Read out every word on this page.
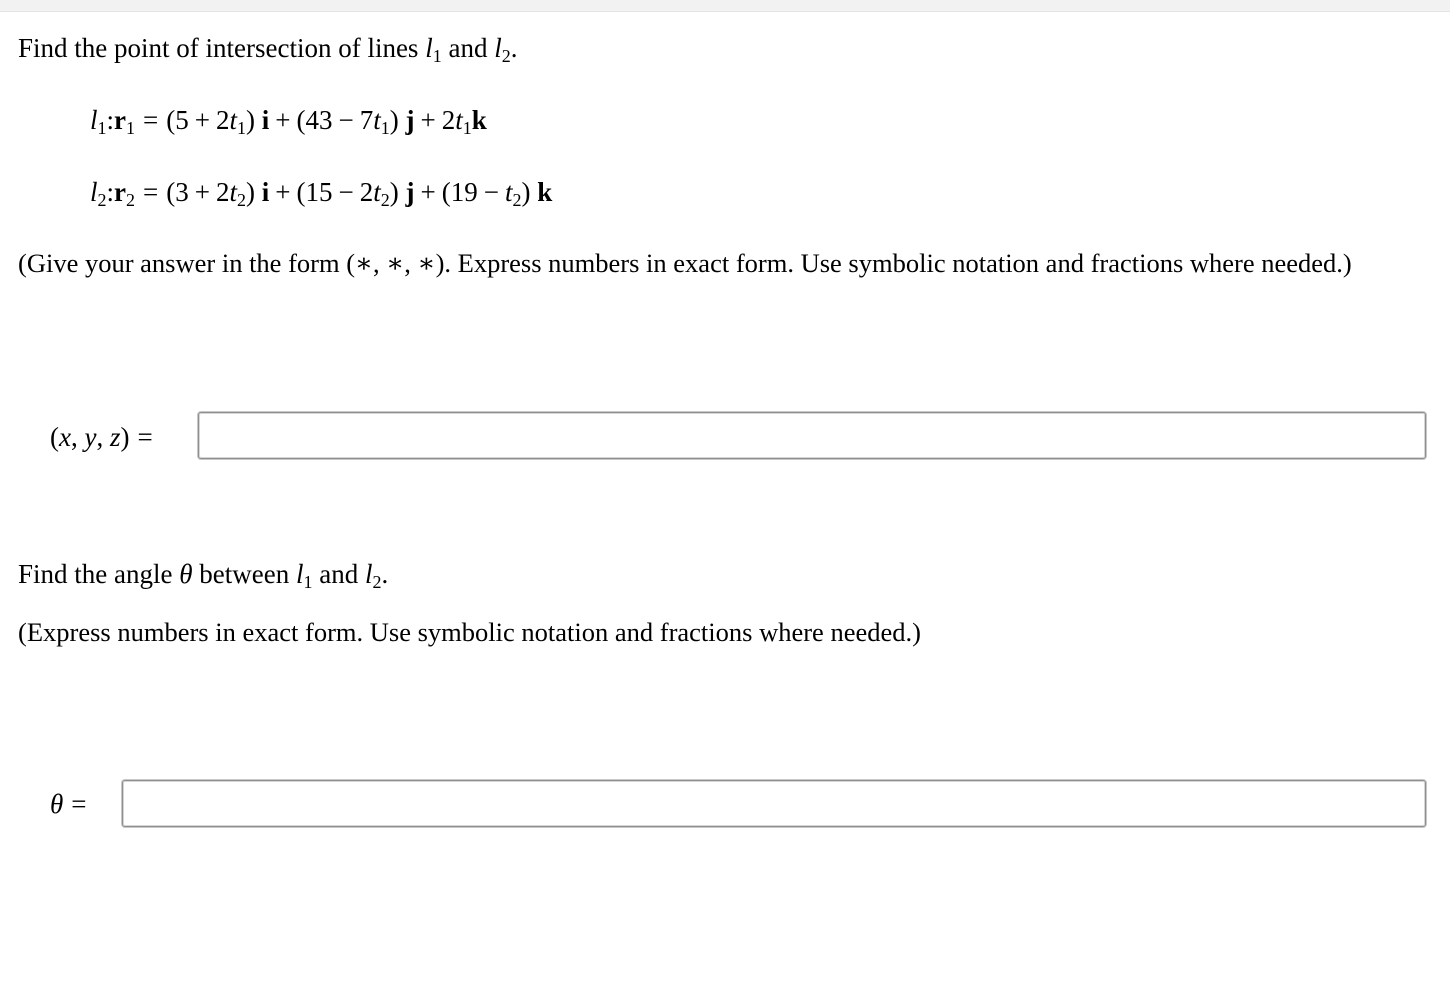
Find the point of intersection of lines $l_1$ and $l_2$.
$l_1:r_1 = (5 + 2t_1) i + (43 - 7t_1) j + 2t_1k$
$l_2:r_2 = (3 + 2t_2) i + (15 - 2t_2) j + (19 - t_2)$ k
(Give your answer in the form (∗, ∗, ∗). Express numbers in exact form. Use symbolic notation and fractions where needed.)
(x, y, z) =
Find the angle θ between $l_1$ and $l_2$.
(Express numbers in exact form. Use symbolic notation and fractions where needed.)
θ =
